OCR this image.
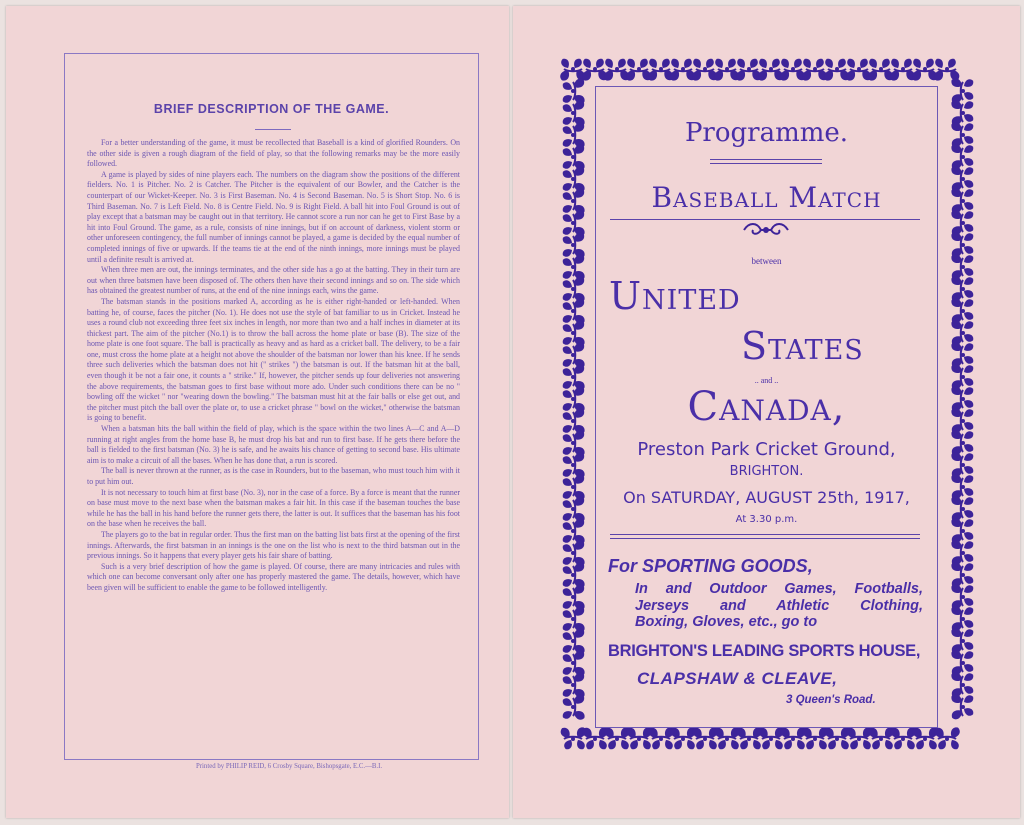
BRIEF DESCRIPTION OF THE GAME.

For a better understanding of the game, it must be recollected that Baseball is a kind of glorified Rounders. On the other side is given a rough diagram of the field of play, so that the following remarks may be the more easily followed.

A game is played by sides of nine players each. The numbers on the diagram show the positions of the different fielders. No. 1 is Pitcher. No. 2 is Catcher. The Pitcher is the equivalent of our Bowler, and the Catcher is the counterpart of our Wicket-Keeper. No. 3 is First Baseman. No. 4 is Second Baseman. No. 5 is Short Stop. No. 6 is Third Baseman. No. 7 is Left Field. No. 8 is Centre Field. No. 9 is Right Field. A ball hit into Foul Ground is out of play except that a batsman may be caught out in that territory. He cannot score a run nor can he get to First Base by a hit into Foul Ground. The game, as a rule, consists of nine innings, but if on account of darkness, violent storm or other unforeseen contingency, the full number of innings cannot be played, a game is decided by the equal number of completed innings of five or upwards. If the teams tie at the end of the ninth innings, more innings must be played until a definite result is arrived at.

When three men are out, the innings terminates, and the other side has a go at the batting. They in their turn are out when three batsmen have been disposed of. The others then have their second innings and so on. The side which has obtained the greatest number of runs, at the end of the nine innings each, wins the game.

The batsman stands in the positions marked A, according as he is either right-handed or left-handed. When batting he, of course, faces the pitcher (No. 1). He does not use the style of bat familiar to us in Cricket. Instead he uses a round club not exceeding three feet six inches in length, nor more than two and a half inches in diameter at its thickest part. The aim of the pitcher (No.1) is to throw the ball across the home plate or base (B). The size of the home plate is one foot square. The ball is practically as heavy and as hard as a cricket ball. The delivery, to be a fair one, must cross the home plate at a height not above the shoulder of the batsman nor lower than his knee. If he sends three such deliveries which the batsman does not hit (" strikes ") the batsman is out. If the batsman hit at the ball, even though it be not a fair one, it counts a " strike." If, however, the pitcher sends up four deliveries not answering the above requirements, the batsman goes to first base without more ado. Under such conditions there can be no " bowling off the wicket " nor "wearing down the bowling." The batsman must hit at the fair balls or else get out, and the pitcher must pitch the ball over the plate or, to use a cricket phrase " bowl on the wicket," otherwise the batsman is going to benefit.

When a batsman hits the ball within the field of play, which is the space within the two lines A—C and A—D running at right angles from the home base B, he must drop his bat and run to first base. If he gets there before the ball is fielded to the first batsman (No. 3) he is safe, and he awaits his chance of getting to second base. His ultimate aim is to make a circuit of all the bases. When he has done that, a run is scored.

The ball is never thrown at the runner, as is the case in Rounders, but to the baseman, who must touch him with it to put him out.

It is not necessary to touch him at first base (No. 3), nor in the case of a force. By a force is meant that the runner on base must move to the next base when the batsman makes a fair hit. In this case if the baseman touches the base while he has the ball in his hand before the runner gets there, the latter is out. It suffices that the baseman has his foot on the base when he receives the ball.

The players go to the bat in regular order. Thus the first man on the batting list bats first at the opening of the first innings. Afterwards, the first batsman in an innings is the one on the list who is next to the third batsman out in the previous innings. So it happens that every player gets his fair share of batting.

Such is a very brief description of how the game is played. Of course, there are many intricacies and rules with which one can become conversant only after one has properly mastered the game. The details, however, which have been given will be sufficient to enable the game to be followed intelligently.

Printed by PHILIP REID, 6 Crosby Square, Bishopsgate, E.C.—B.I.
Programme.
Baseball Match
between
United
States
.. and ..
Canada,
Preston Park Cricket Ground,
BRIGHTON.
On SATURDAY, AUGUST 25th, 1917,
At 3.30 p.m.
For SPORTING GOODS,
In and Outdoor Games, Footballs,
Jerseys and Athletic Clothing,
Boxing, Gloves, etc., go to
BRIGHTON'S LEADING SPORTS HOUSE,
CLAPSHAW & CLEAVE,
3 Queen's Road.
